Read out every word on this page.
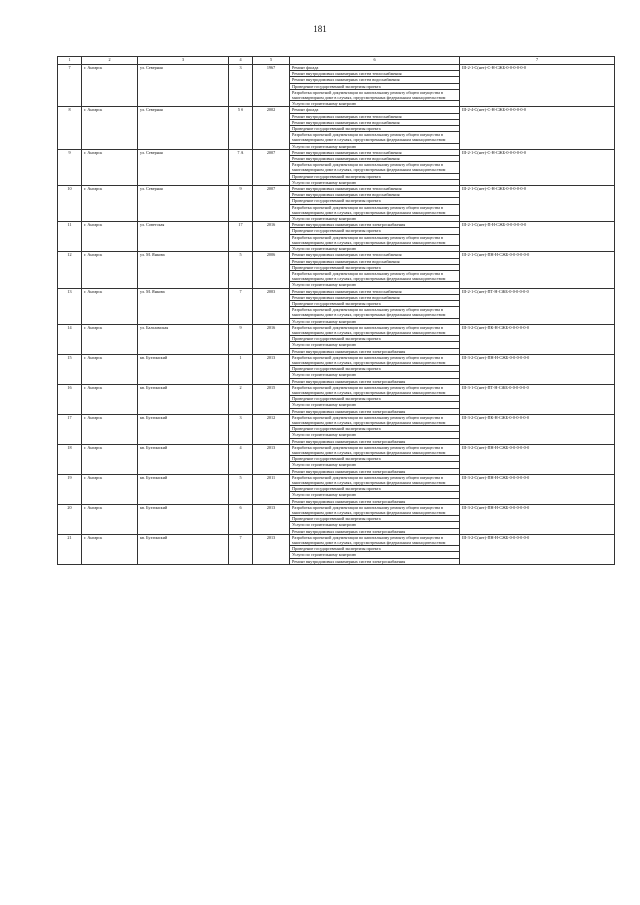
181
1	2	3	4	5	6	7
7	г. Ангарск	ул. Северная	3	1967	Ремонт фасада	III-2-1-С(нет)-С-Н-СЖБ-0-0-0-0-0-0
					Ремонт внутридомовых инженерных систем теплоснабжения	
					Ремонт внутридомовых инженерных систем водоснабжения	
					Проведение государственной экспертизы проекта	
					Разработка проектной документации по капитальному ремонту общего имущества в многоквартирном доме в случаях, предусмотренных федеральным законодательством	
					Услуги по строительному контролю	
8	г. Ангарск	ул. Северная	5 б	2002	Ремонт фасада	III-2-4-С(нет)-С-Н-СЖБ-0-0-0-0-0-0
					Ремонт внутридомовых инженерных систем теплоснабжения	
					Ремонт внутридомовых инженерных систем водоснабжения	
					Проведение государственной экспертизы проекта	
					Разработка проектной документации по капитальному ремонту общего имущества в многоквартирном доме в случаях, предусмотренных федеральным законодательством	
					Услуги по строительному контролю	
9	г. Ангарск	ул. Северная	7 А	2007	Ремонт внутридомовых инженерных систем теплоснабжения	III-2-1-С(нет)-С-Н-СЖБ-0-0-0-0-0-0
					Ремонт внутридомовых инженерных систем водоснабжения	
					Разработка проектной документации по капитальному ремонту общего имущества в многоквартирном доме в случаях, предусмотренных федеральным законодательством	
					Проведение государственной экспертизы проекта	
					Услуги по строительному контролю	
10	г. Ангарск	ул. Северная	9	2007	Ремонт внутридомовых инженерных систем теплоснабжения	III-2-1-С(нет)-С-Н-СЖБ-0-0-0-0-0-0
					Ремонт внутридомовых инженерных систем водоснабжения	
					Проведение государственной экспертизы проекта	
					Разработка проектной документации по капитальному ремонту общего имущества в многоквартирном доме в случаях, предусмотренных федеральным законодательством	
					Услуги по строительному контролю	
11	г. Ангарск	ул. Советская	17	2016	Ремонт внутридомовых инженерных систем электроснабжения	III-2-1-С(нет)-П-Н-СЖБ-0-0-0-0-0-0
					Проведение государственной экспертизы проекта	
					Разработка проектной документации по капитальному ремонту общего имущества в многоквартирном доме в случаях, предусмотренных федеральным законодательством	
					Услуги по строительному контролю	
12	г. Ангарск	ул. М. Янкова	5	2006	Ремонт внутридомовых инженерных систем теплоснабжения	III-2-1-С(нет)-ПН-Н-СЖБ-0-0-0-0-0-0
					Ремонт внутридомовых инженерных систем водоснабжения	
					Проведение государственной экспертизы проекта	
					Разработка проектной документации по капитальному ремонту общего имущества в многоквартирном доме в случаях, предусмотренных федеральным законодательством	
					Услуги по строительному контролю	
13	г. Ангарск	ул. М. Янкова	7	2003	Ремонт внутридомовых инженерных систем теплоснабжения	III-2-1-С(нет)-ПТ-Н-СЖБ-0-0-0-0-0-0
					Ремонт внутридомовых инженерных систем водоснабжения	
					Проведение государственной экспертизы проекта	
					Разработка проектной документации по капитальному ремонту общего имущества в многоквартирном доме в случаях, предусмотренных федеральным законодательством	
					Услуги по строительному контролю	
14	г. Ангарск	ул. Бальзамская	9	2016	Разработка проектной документации по капитальному ремонту общего имущества в многоквартирном доме в случаях, предусмотренных федеральным законодательством	III-3-2-С(нет)-ПК-Н-СЖБ-0-0-0-0-0-0
					Проведение государственной экспертизы проекта	
					Услуги по строительному контролю	
					Ремонт внутридомовых инженерных систем электроснабжения	
15	г. Ангарск	кв. Бухтинский	1	2013	Разработка проектной документации по капитальному ремонту общего имущества в многоквартирном доме в случаях, предусмотренных федеральным законодательством	III-3-2-С(нет)-ПН-Н-СЖБ-0-0-0-0-0-0
					Проведение государственной экспертизы проекта	
					Услуги по строительному контролю	
					Ремонт внутридомовых инженерных систем электроснабжения	
16	г. Ангарск	кв. Бухтинский	2	2015	Разработка проектной документации по капитальному ремонту общего имущества в многоквартирном доме в случаях, предусмотренных федеральным законодательством	III-3-1-С(нет)-ПТ-Н-СЖБ-0-0-0-0-0-0
					Проведение государственной экспертизы проекта	
					Услуги по строительному контролю	
					Ремонт внутридомовых инженерных систем электроснабжения	
17	г. Ангарск	кв. Бухтинский	3	2012	Разработка проектной документации по капитальному ремонту общего имущества в многоквартирном доме в случаях, предусмотренных федеральным законодательством	III-3-2-С(нет)-ПК-Н-СЖБ-0-0-0-0-0-0
					Проведение государственной экспертизы проекта	
					Услуги по строительному контролю	
					Ремонт внутридомовых инженерных систем электроснабжения	
18	г. Ангарск	кв. Бухтинский	4	2013	Разработка проектной документации по капитальному ремонту общего имущества в многоквартирном доме в случаях, предусмотренных федеральным законодательством	III-3-2-С(нет)-ПН-Н-СЖБ-0-0-0-0-0-0
					Проведение государственной экспертизы проекта	
					Услуги по строительному контролю	
					Ремонт внутридомовых инженерных систем электроснабжения	
19	г. Ангарск	кв. Бухтинский	5	2011	Разработка проектной документации по капитальному ремонту общего имущества в многоквартирном доме в случаях, предусмотренных федеральным законодательством	III-3-2-С(нет)-ПН-Н-СЖБ-0-0-0-0-0-0
					Проведение государственной экспертизы проекта	
					Услуги по строительному контролю	
					Ремонт внутридомовых инженерных систем электроснабжения	
20	г. Ангарск	кв. Бухтинский	6	2013	Разработка проектной документации по капитальному ремонту общего имущества в многоквартирном доме в случаях, предусмотренных федеральным законодательством	III-3-2-С(нет)-ПН-Н-СЖБ-0-0-0-0-0-0
					Проведение государственной экспертизы проекта	
					Услуги по строительному контролю	
					Ремонт внутридомовых инженерных систем электроснабжения	
21	г. Ангарск	кв. Бухтинский	7	2013	Разработка проектной документации по капитальному ремонту общего имущества в многоквартирном доме в случаях, предусмотренных федеральным законодательством	III-3-2-С(нет)-ПН-Н-СЖБ-0-0-0-0-0-0
					Проведение государственной экспертизы проекта	
					Услуги по строительному контролю	
					Ремонт внутридомовых инженерных систем электроснабжения	
